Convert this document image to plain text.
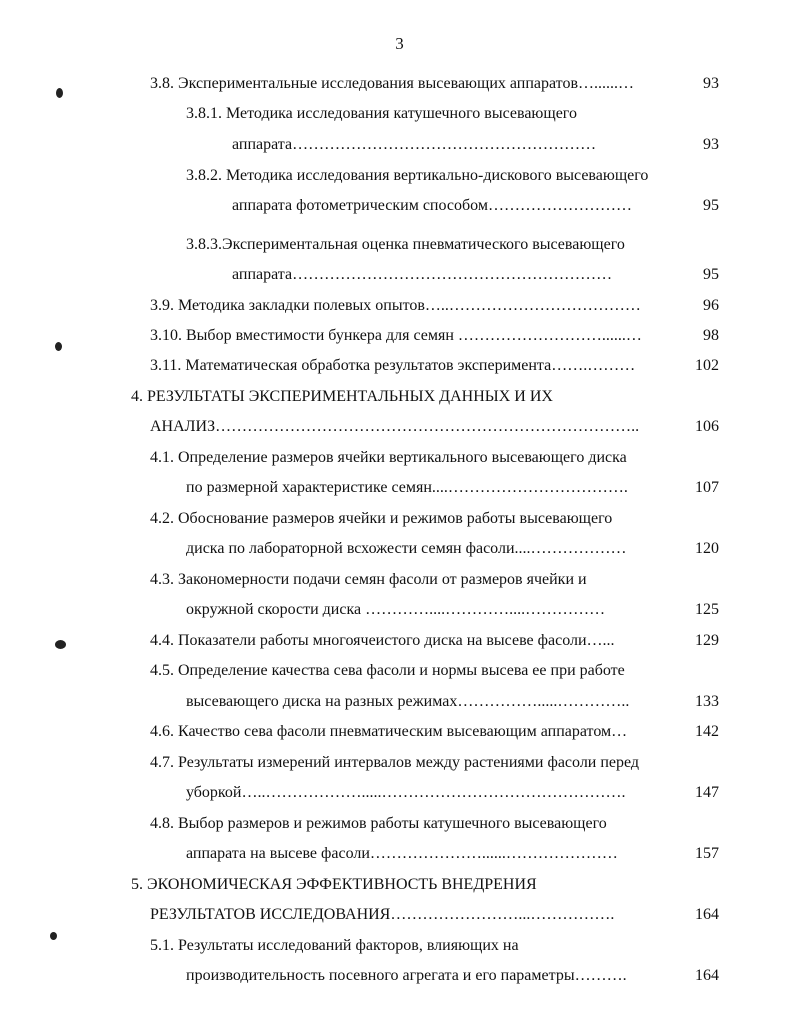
3
3.8. Экспериментальные исследования высевающих аппаратов…......…	93
3.8.1. Методика исследования катушечного высевающего
аппарата…………………………………………………	93
3.8.2. Методика исследования вертикально-дискового высевающего
аппарата фотометрическим способом………………………	95
3.8.3.Экспериментальная оценка пневматического высевающего
аппарата……………………………………………………	95
3.9. Методика закладки полевых опытов…..………………………………	96
3.10. Выбор вместимости бункера для семян ………………………......…	98
3.11. Математическая обработка результатов эксперимента…….………	102
4. РЕЗУЛЬТАТЫ ЭКСПЕРИМЕНТАЛЬНЫХ ДАННЫХ И ИХ
АНАЛИЗ……………………………………………………………………..	106
4.1. Определение размеров ячейки вертикального высевающего диска
по размерной характеристике семян....…………………………….	107
4.2. Обоснование размеров ячейки и режимов работы высевающего
диска по лабораторной всхожести семян фасоли....………………	120
4.3. Закономерности подачи семян фасоли от размеров ячейки и
окружной скорости диска …………....…………....……………	125
4.4. Показатели работы многоячеистого диска на высеве фасоли…...	129
4.5. Определение качества сева фасоли и нормы высева ее при работе
высевающего диска на разных режимах…………….....…………..	133
4.6. Качество сева фасоли пневматическим высевающим аппаратом…	142
4.7. Результаты измерений интервалов между растениями фасоли перед
уборкой…..……………….....……………………………………….	147
4.8. Выбор размеров и режимов работы катушечного высевающего
аппарата на высеве фасоли…………………......…………………	157
5. ЭКОНОМИЧЕСКАЯ ЭФФЕКТИВНОСТЬ ВНЕДРЕНИЯ
РЕЗУЛЬТАТОВ ИССЛЕДОВАНИЯ……………………...…………….	164
5.1. Результаты исследований факторов, влияющих на
производительность посевного агрегата и его параметры……….	164
